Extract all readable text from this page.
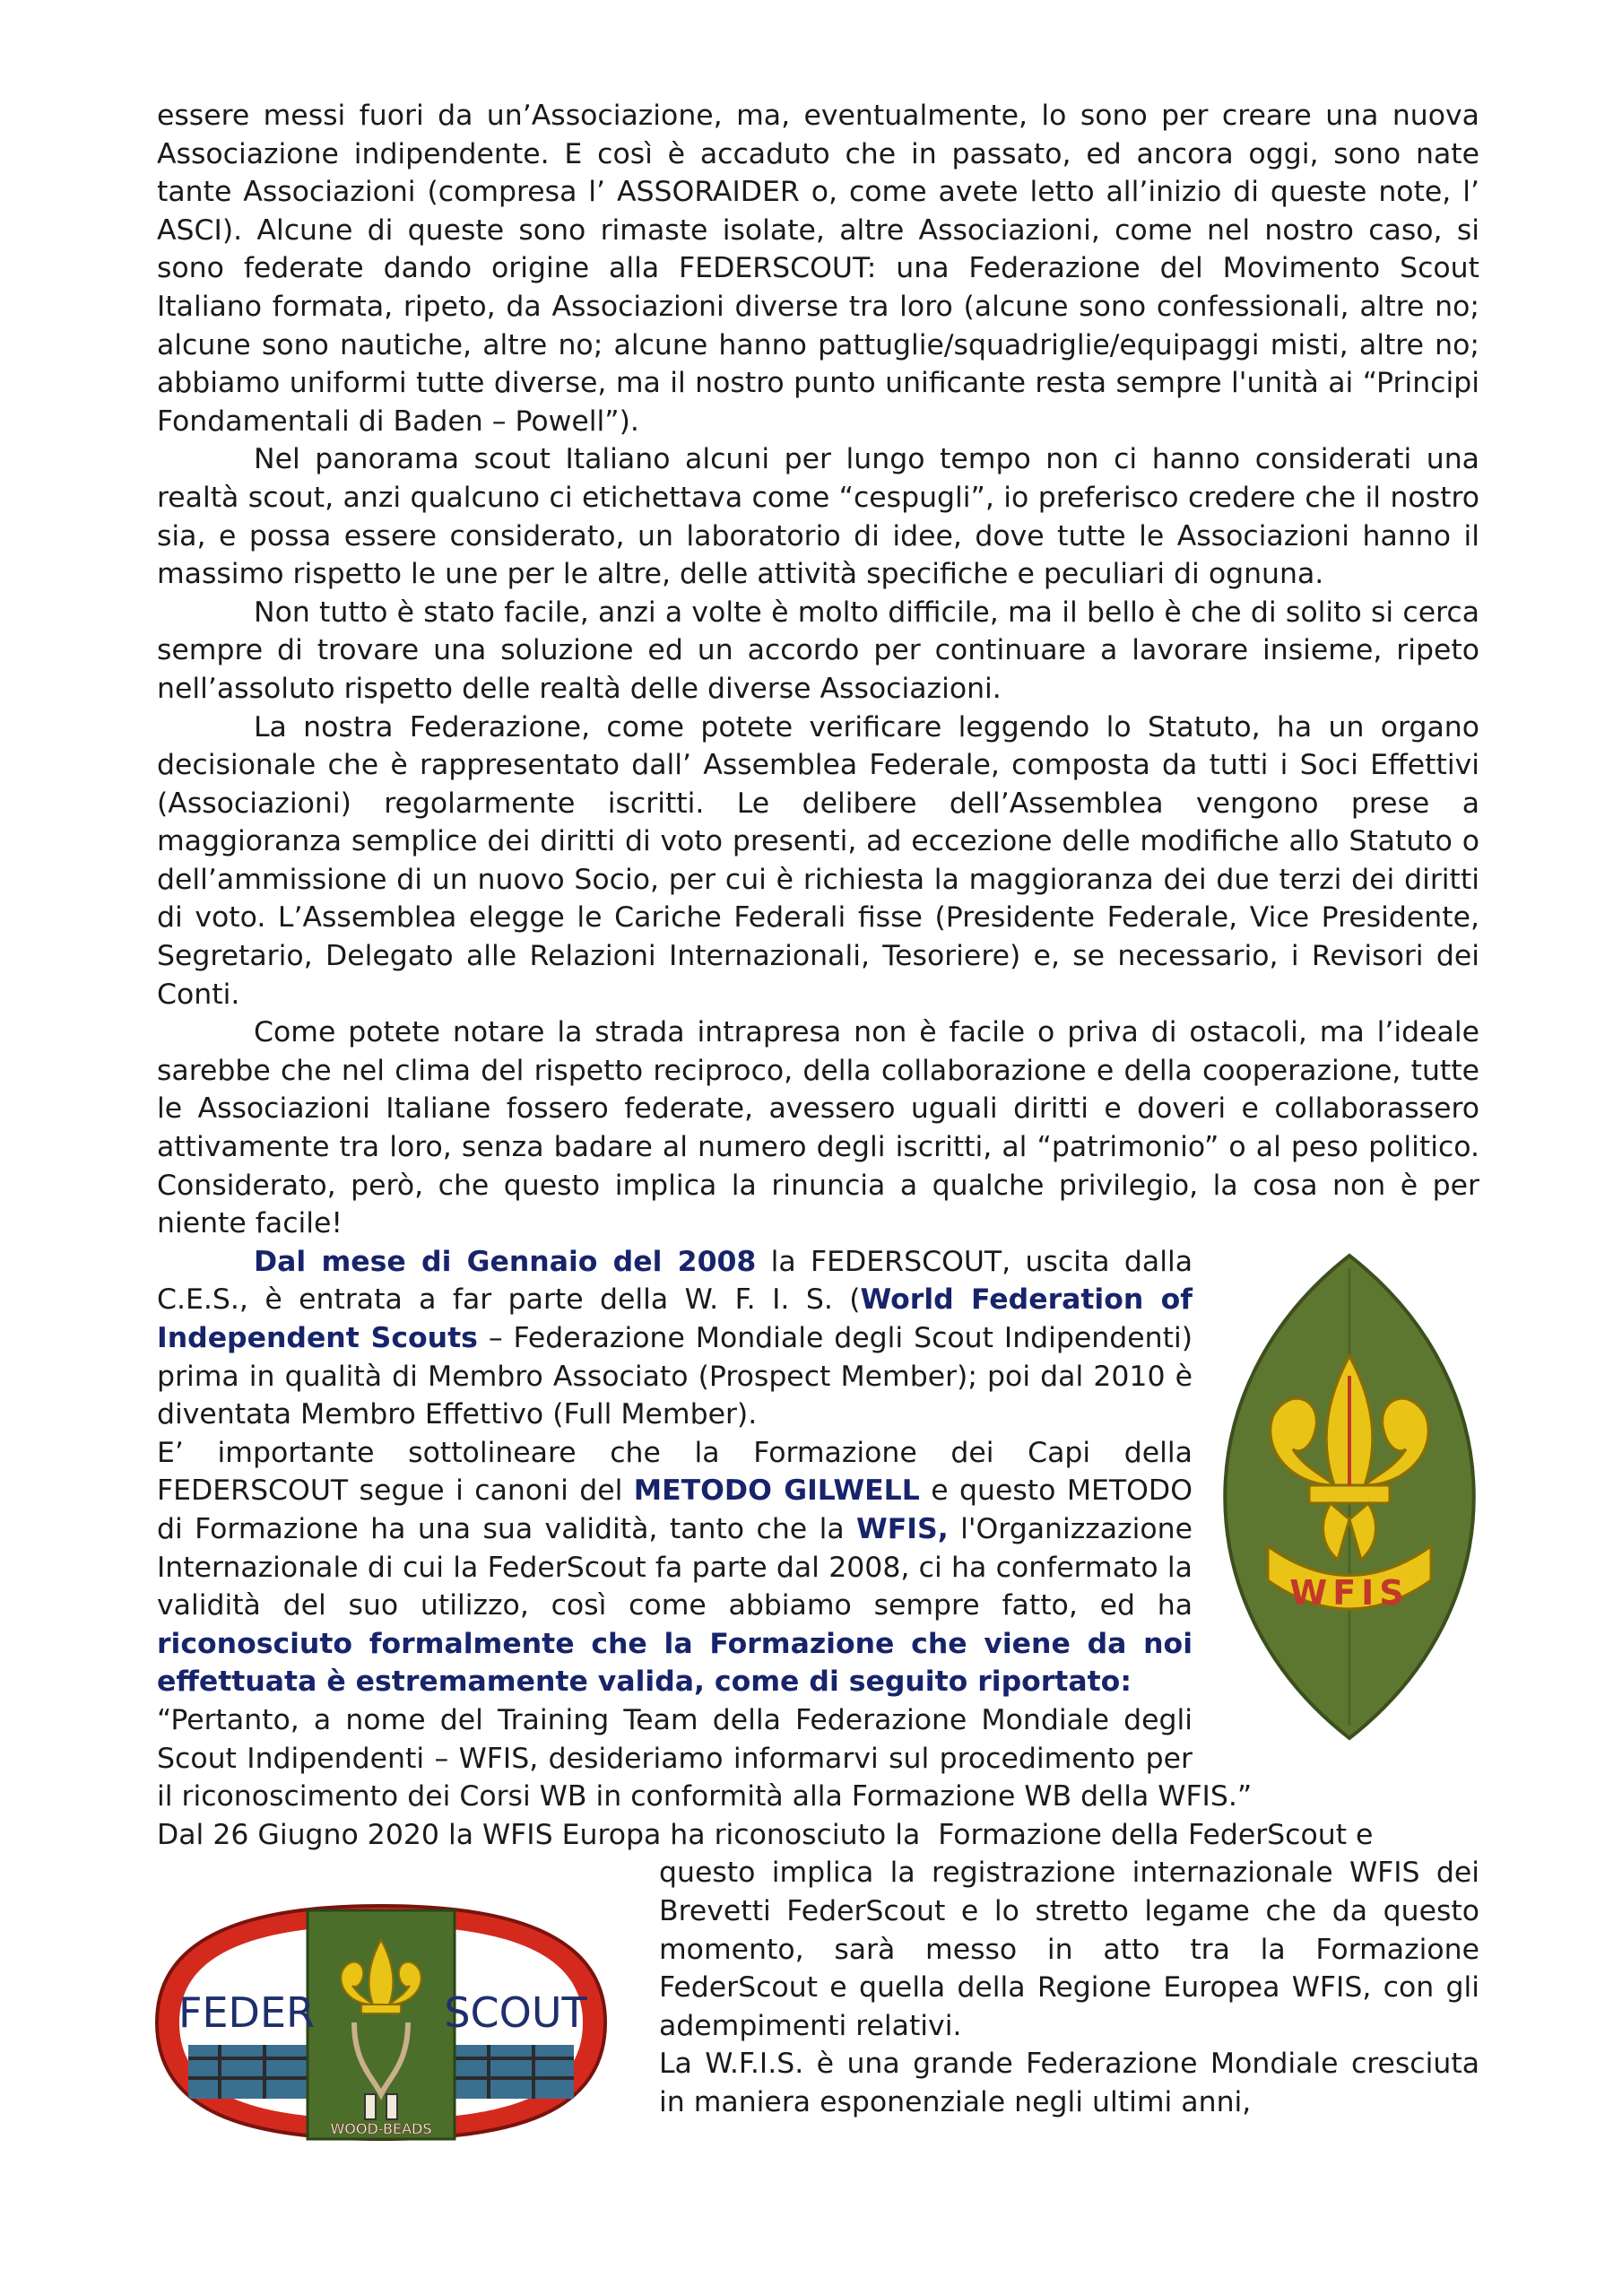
essere messi fuori da un’Associazione, ma, eventualmente, lo sono per creare una nuova Associazione indipendente. E così è accaduto che in passato, ed ancora oggi, sono nate tante Associazioni (compresa l’ ASSORAIDER o, come avete letto all’inizio di queste note, l’ ASCI). Alcune di queste sono rimaste isolate, altre Associazioni, come nel nostro caso, si sono federate dando origine alla FEDERSCOUT: una Federazione del Movimento Scout Italiano formata, ripeto, da Associazioni diverse tra loro (alcune sono confessionali, altre no; alcune sono nautiche, altre no; alcune hanno pattuglie/squadriglie/equipaggi misti, altre no; abbiamo uniformi tutte diverse, ma il nostro punto unificante resta sempre l'unità ai “Principi Fondamentali di Baden – Powell”).

Nel panorama scout Italiano alcuni per lungo tempo non ci hanno considerati una realtà scout, anzi qualcuno ci etichettava come “cespugli”, io preferisco credere che il nostro sia, e possa essere considerato, un laboratorio di idee, dove tutte le Associazioni hanno il massimo rispetto le une per le altre, delle attività specifiche e peculiari di ognuna.

Non tutto è stato facile, anzi a volte è molto difficile, ma il bello è che di solito si cerca sempre di trovare una soluzione ed un accordo per continuare a lavorare insieme, ripeto nell’assoluto rispetto delle realtà delle diverse Associazioni.

La nostra Federazione, come potete verificare leggendo lo Statuto, ha un organo decisionale che è rappresentato dall’ Assemblea Federale, composta da tutti i Soci Effettivi (Associazioni) regolarmente iscritti. Le delibere dell’Assemblea vengono prese a maggioranza semplice dei diritti di voto presenti, ad eccezione delle modifiche allo Statuto o dell’ammissione di un nuovo Socio, per cui è richiesta la maggioranza dei due terzi dei diritti di voto. L’Assemblea elegge le Cariche Federali fisse (Presidente Federale, Vice Presidente, Segretario, Delegato alle Relazioni Internazionali, Tesoriere) e, se necessario, i Revisori dei Conti.

Come potete notare la strada intrapresa non è facile o priva di ostacoli, ma l’ideale sarebbe che nel clima del rispetto reciproco, della collaborazione e della cooperazione, tutte le Associazioni Italiane fossero federate, avessero uguali diritti e doveri e collaborassero attivamente tra loro, senza badare al numero degli iscritti, al “patrimonio” o al peso politico. Considerato, però, che questo implica la rinuncia a qualche privilegio, la cosa non è per niente facile!

WFIS

Dal mese di Gennaio del 2008 la FEDERSCOUT, uscita dalla C.E.S., è entrata a far parte della W. F. I. S. (World Federation of Independent Scouts – Federazione Mondiale degli Scout Indipendenti) prima in qualità di Membro Associato (Prospect Member); poi dal 2010 è diventata Membro Effettivo (Full Member).

E’ importante sottolineare che la Formazione dei Capi della FEDERSCOUT segue i canoni del METODO GILWELL e questo METODO di Formazione ha una sua validità, tanto che la WFIS, l'Organizzazione Internazionale di cui la FederScout fa parte dal 2008, ci ha confermato la validità del suo utilizzo, così come abbiamo sempre fatto, ed ha riconosciuto formalmente che la Formazione che viene da noi effettuata è estremamente valida, come di seguito riportato:

“Pertanto, a nome del Training Team della Federazione Mondiale degli Scout Indipendenti – WFIS, desideriamo informarvi sul procedimento per il riconoscimento dei Corsi WB in conformità alla Formazione WB della WFIS.”

Dal 26 Giugno 2020 la WFIS Europa ha riconosciuto la  Formazione della FederScout e

FEDER	SCOUT
WOOD-BEADS

questo implica la registrazione internazionale WFIS dei Brevetti FederScout e lo stretto legame che da questo momento, sarà messo in atto tra la Formazione FederScout e quella della Regione Europea WFIS, con gli adempimenti relativi.

La W.F.I.S. è una grande Federazione Mondiale cresciuta in maniera esponenziale negli ultimi anni,
